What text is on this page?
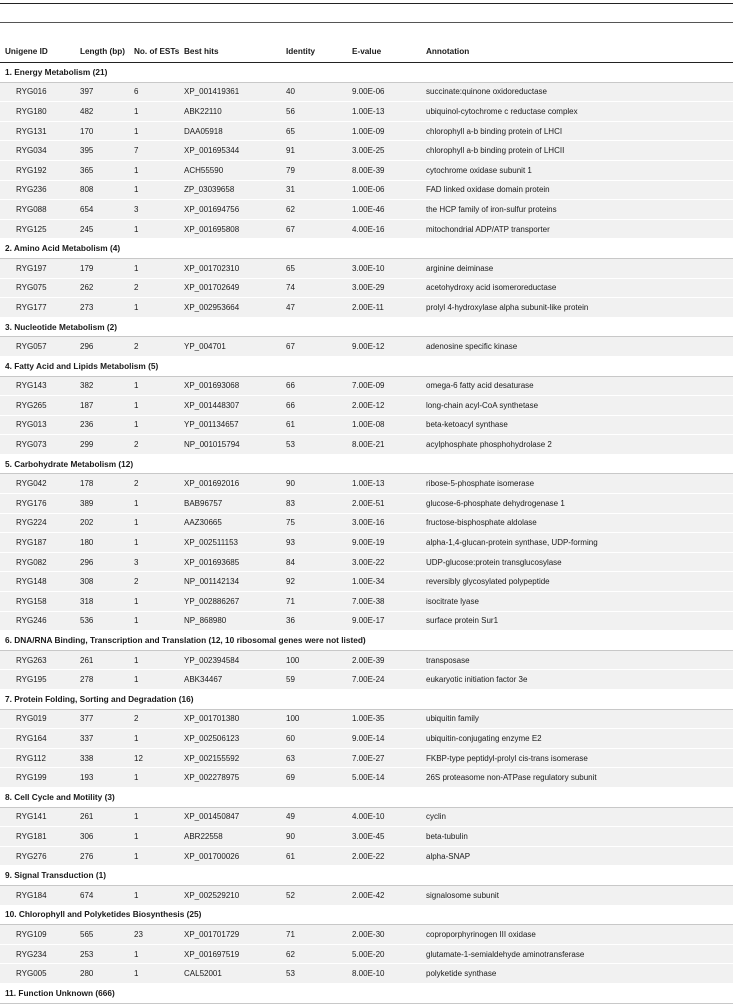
Unigene ID	Length (bp)	No. of ESTs	Best hits	Identity	E-value	Annotation
1. Energy Metabolism (21)						
RYG016	397	6	XP_001419361	40	9.00E-06	succinate:quinone oxidoreductase
RYG180	482	1	ABK22110	56	1.00E-13	ubiquinol-cytochrome c reductase complex
RYG131	170	1	DAA05918	65	1.00E-09	chlorophyll a-b binding protein of LHCI
RYG034	395	7	XP_001695344	91	3.00E-25	chlorophyll a-b binding protein of LHCII
RYG192	365	1	ACH55590	79	8.00E-39	cytochrome oxidase subunit 1
RYG236	808	1	ZP_03039658	31	1.00E-06	FAD linked oxidase domain protein
RYG088	654	3	XP_001694756	62	1.00E-46	the HCP family of iron-sulfur proteins
RYG125	245	1	XP_001695808	67	4.00E-16	mitochondrial ADP/ATP transporter
2. Amino Acid Metabolism (4)						
RYG197	179	1	XP_001702310	65	3.00E-10	arginine deiminase
RYG075	262	2	XP_001702649	74	3.00E-29	acetohydroxy acid isomeroreductase
RYG177	273	1	XP_002953664	47	2.00E-11	prolyl 4-hydroxylase alpha subunit-like protein
3. Nucleotide Metabolism (2)						
RYG057	296	2	YP_004701	67	9.00E-12	adenosine specific kinase
4. Fatty Acid and Lipids Metabolism (5)						
RYG143	382	1	XP_001693068	66	7.00E-09	omega-6 fatty acid desaturase
RYG265	187	1	XP_001448307	66	2.00E-12	long-chain acyl-CoA synthetase
RYG013	236	1	YP_001134657	61	1.00E-08	beta-ketoacyl synthase
RYG073	299	2	NP_001015794	53	8.00E-21	acylphosphate phosphohydrolase 2
5. Carbohydrate Metabolism (12)						
RYG042	178	2	XP_001692016	90	1.00E-13	ribose-5-phosphate isomerase
RYG176	389	1	BAB96757	83	2.00E-51	glucose-6-phosphate dehydrogenase 1
RYG224	202	1	AAZ30665	75	3.00E-16	fructose-bisphosphate aldolase
RYG187	180	1	XP_002511153	93	9.00E-19	alpha-1,4-glucan-protein synthase, UDP-forming
RYG082	296	3	XP_001693685	84	3.00E-22	UDP-glucose:protein transglucosylase
RYG148	308	2	NP_001142134	92	1.00E-34	reversibly glycosylated polypeptide
RYG158	318	1	YP_002886267	71	7.00E-38	isocitrate lyase
RYG246	536	1	NP_868980	36	9.00E-17	surface protein Sur1
6. DNA/RNA Binding, Transcription and Translation (12, 10 ribosomal genes were not listed)						
RYG263	261	1	YP_002394584	100	2.00E-39	transposase
RYG195	278	1	ABK34467	59	7.00E-24	eukaryotic initiation factor 3e
7. Protein Folding, Sorting and Degradation (16)						
RYG019	377	2	XP_001701380	100	1.00E-35	ubiquitin family
RYG164	337	1	XP_002506123	60	9.00E-14	ubiquitin-conjugating enzyme E2
RYG112	338	12	XP_002155592	63	7.00E-27	FKBP-type peptidyl-prolyl cis-trans isomerase
RYG199	193	1	XP_002278975	69	5.00E-14	26S proteasome non-ATPase regulatory subunit
8. Cell Cycle and Motility (3)						
RYG141	261	1	XP_001450847	49	4.00E-10	cyclin
RYG181	306	1	ABR22558	90	3.00E-45	beta-tubulin
RYG276	276	1	XP_001700026	61	2.00E-22	alpha-SNAP
9. Signal Transduction (1)						
RYG184	674	1	XP_002529210	52	2.00E-42	signalosome subunit
10. Chlorophyll and Polyketides Biosynthesis (25)						
RYG109	565	23	XP_001701729	71	2.00E-30	coproporphyrinogen III oxidase
RYG234	253	1	XP_001697519	62	5.00E-20	glutamate-1-semialdehyde aminotransferase
RYG005	280	1	CAL52001	53	8.00E-10	polyketide synthase
11. Function Unknown (666)						
